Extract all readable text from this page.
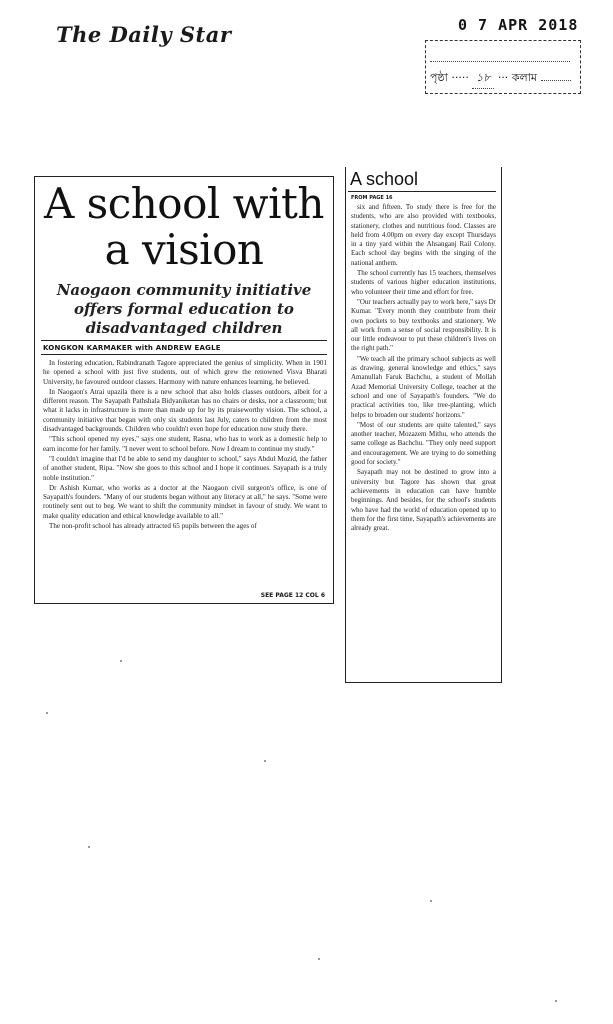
The Daily Star	0 7 APR 2018
পৃষ্ঠা ····· ১৮ ··· কলাম
A school with
a vision
Naogaon community initiative offers formal education to disadvantaged children
KONGKON KARMAKER with ANDREW EAGLE

In fostering education, Rabindranath Tagore appreciated the genius of simplicity. When in 1901 he opened a school with just five students, out of which grew the renowned Visva Bharati University, he favoured outdoor classes. Harmony with nature enhances learning, he believed.

In Naogaon's Atrai upazila there is a new school that also holds classes outdoors, albeit for a different reason. The Sayapath Pathshala Bidyaniketan has no chairs or desks, nor a classroom; but what it lacks in infrastructure is more than made up for by its praiseworthy vision. The school, a community initiative that began with only six students last July, caters to children from the most disadvantaged backgrounds. Children who couldn't even hope for education now study there.

"This school opened my eyes," says one student, Rasna, who has to work as a domestic help to earn income for her family. "I never went to school before. Now I dream to continue my study."

"I couldn't imagine that I'd be able to send my daughter to school," says Abdul Mozid, the father of another student, Ripa. "Now she goes to this school and I hope it continues. Sayapath is a truly noble institution."

Dr Ashish Kumar, who works as a doctor at the Naogaon civil surgeon's office, is one of Sayapath's founders. "Many of our students began without any literacy at all," he says. "Some were routinely sent out to beg. We want to shift the community mindset in favour of study. We want to make quality education and ethical knowledge available to all."

The non-profit school has already attracted 65 pupils between the ages of

SEE PAGE 12 COL 6
A school
FROM PAGE 16

six and fifteen. To study there is free for the students, who are also provided with textbooks, stationery, clothes and nutritious food. Classes are held from 4.00pm on every day except Thursdays in a tiny yard within the Ahsanganj Rail Colony. Each school day begins with the singing of the national anthem.

The school currently has 15 teachers, themselves students of various higher education institutions, who volunteer their time and effort for free.

"Our teachers actually pay to work here," says Dr Kumar. "Every month they contribute from their own pockets to buy textbooks and stationery. We all work from a sense of social responsibility. It is our little endeavour to put these children's lives on the right path."

"We teach all the primary school subjects as well as drawing, general knowledge and ethics," says Amanullah Faruk Bachchu, a student of Mollah Azad Memorial University College, teacher at the school and one of Sayapath's founders. "We do practical activities too, like tree-planting, which helps to broaden our students' horizons."

"Most of our students are quite talented," says another teacher, Mozazem Mithu, who attends the same college as Bachchu. "They only need support and encouragement. We are trying to do something good for society."

Sayapath may not be destined to grow into a university but Tagore has shown that great achievements in education can have humble beginnings. And besides, for the school's students who have had the world of education opened up to them for the first time, Sayapath's achievements are already great.
